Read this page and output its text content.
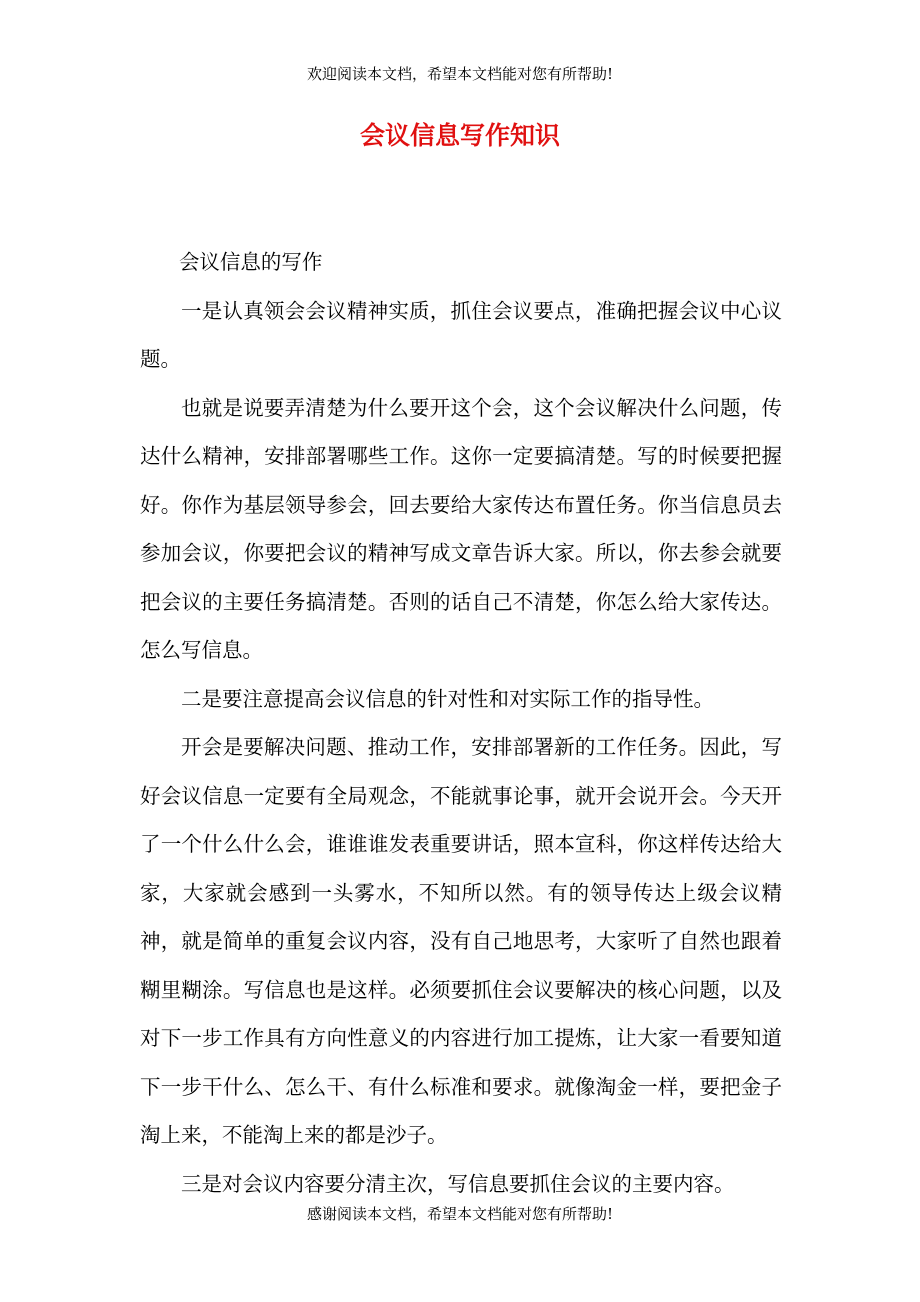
欢迎阅读本文档，希望本文档能对您有所帮助!
会议信息写作知识

会议信息的写作

一是认真领会会议精神实质，抓住会议要点，准确把握会议中心议题。

也就是说要弄清楚为什么要开这个会，这个会议解决什么问题，传达什么精神，安排部署哪些工作。这你一定要搞清楚。写的时候要把握好。你作为基层领导参会，回去要给大家传达布置任务。你当信息员去参加会议，你要把会议的精神写成文章告诉大家。所以，你去参会就要把会议的主要任务搞清楚。否则的话自己不清楚，你怎么给大家传达。怎么写信息。

二是要注意提高会议信息的针对性和对实际工作的指导性。

开会是要解决问题、推动工作，安排部署新的工作任务。因此，写好会议信息一定要有全局观念，不能就事论事，就开会说开会。今天开了一个什么什么会，谁谁谁发表重要讲话，照本宣科，你这样传达给大家，大家就会感到一头雾水，不知所以然。有的领导传达上级会议精神，就是简单的重复会议内容，没有自己地思考，大家听了自然也跟着糊里糊涂。写信息也是这样。必须要抓住会议要解决的核心问题，以及对下一步工作具有方向性意义的内容进行加工提炼，让大家一看要知道下一步干什么、怎么干、有什么标准和要求。就像淘金一样，要把金子淘上来，不能淘上来的都是沙子。

三是对会议内容要分清主次，写信息要抓住会议的主要内容。

感谢阅读本文档，希望本文档能对您有所帮助!
